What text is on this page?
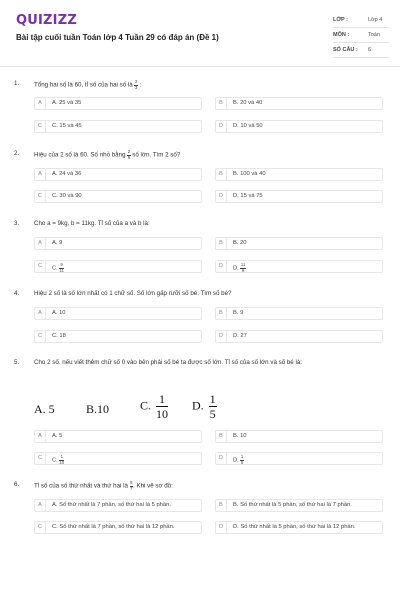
QUIZIZZ
Bài tập cuối tuần Toán lớp 4 Tuần 29 có đáp án (Đề 1)
LỚP :	Lớp 4
MÔN :	Toán
SỐ CÂU : 6
1. Tổng hai số là 60, tỉ số của hai số là $\frac{2}{3}$ :
A	A. 25 và 35	B	B. 20 và 40
C	C. 15 và 45	D	D. 10 và 50
2. Hiệu của 2 số là 60. Số nhỏ bằng $\frac{2}{5}$ số lớn. Tìm 2 số?
A	A. 24 và 36	B	B. 100 và 40
C	C. 30 và 90	D	D. 15 và 75
3. Cho a = 9kg, b = 11kg. Tỉ số của a và b là:
A	A. 9	B	B. 20
C	C. $\frac{9}{11}$	D	D. $\frac{11}{9}$
4. Hiệu 2 số là số lớn nhất có 1 chữ số. Số lớn gấp rưỡi số bé. Tìm số bé?
A	A. 10	B	B. 9
C	C. 18	D	D. 27
5. Cho 2 số. nếu viết thêm chữ số 0 vào bên phải số bé ta được số lớn. Tỉ số của số lớn và số bé là:
A. 5	B.10	C. $\frac{1}{10} D$. $\frac{1}{5}$
A	A. 5	B	B. 10
C	C. $\frac{1}{10}$	D	D. $\frac{1}{5}$
6. Tỉ số của số thứ nhất và thứ hai là $\frac{5}{7}$ . Khi vẽ sơ đồ:
A	A. Số thứ nhất là 7 phần, số thứ hai là 5 phần.	B	B. Số thứ nhất là 5 phần, số thứ hai là 7 phần.
C	C. Số thứ nhất là 7 phần, số thứ hai là 12 phần.	D	D. Số thứ nhất là 5 phần, số thứ hai là 12 phần.
